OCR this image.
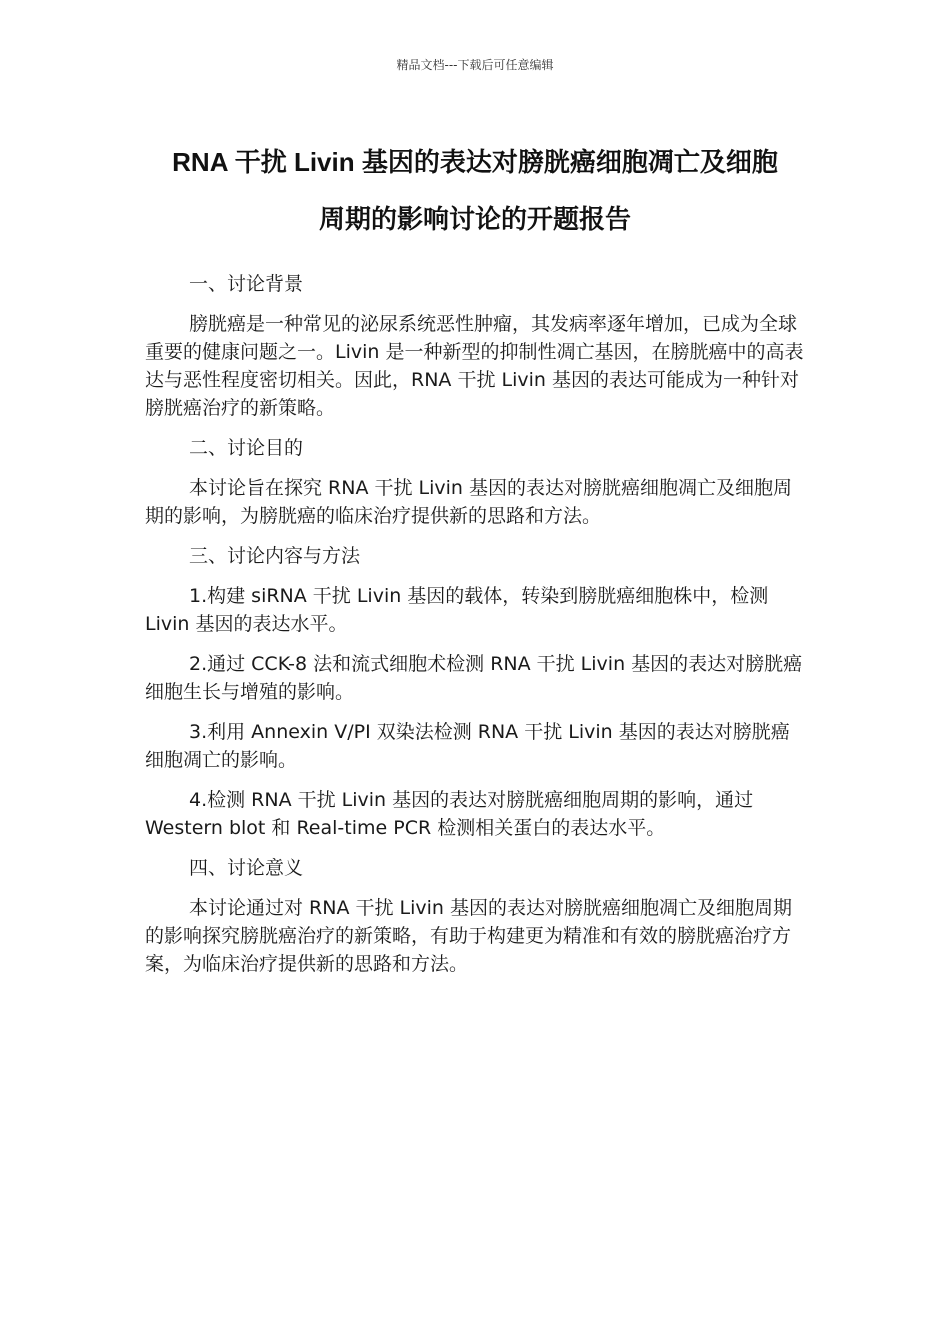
精品文档---下载后可任意编辑
RNA 干扰 Livin 基因的表达对膀胱癌细胞凋亡及细胞
周期的影响讨论的开题报告

一、讨论背景

膀胱癌是一种常见的泌尿系统恶性肿瘤，其发病率逐年增加，已成为全球重要的健康问题之一。Livin 是一种新型的抑制性凋亡基因，在膀胱癌中的高表达与恶性程度密切相关。因此，RNA 干扰 Livin 基因的表达可能成为一种针对膀胱癌治疗的新策略。

二、讨论目的

本讨论旨在探究 RNA 干扰 Livin 基因的表达对膀胱癌细胞凋亡及细胞周期的影响，为膀胱癌的临床治疗提供新的思路和方法。

三、讨论内容与方法

1.构建 siRNA 干扰 Livin 基因的载体，转染到膀胱癌细胞株中，检测 Livin 基因的表达水平。

2.通过 CCK-8 法和流式细胞术检测 RNA 干扰 Livin 基因的表达对膀胱癌细胞生长与增殖的影响。

3.利用 Annexin V/PI 双染法检测 RNA 干扰 Livin 基因的表达对膀胱癌细胞凋亡的影响。

4.检测 RNA 干扰 Livin 基因的表达对膀胱癌细胞周期的影响，通过 Western blot 和 Real-time PCR 检测相关蛋白的表达水平。

四、讨论意义

本讨论通过对 RNA 干扰 Livin 基因的表达对膀胱癌细胞凋亡及细胞周期的影响探究膀胱癌治疗的新策略，有助于构建更为精准和有效的膀胱癌治疗方案，为临床治疗提供新的思路和方法。
